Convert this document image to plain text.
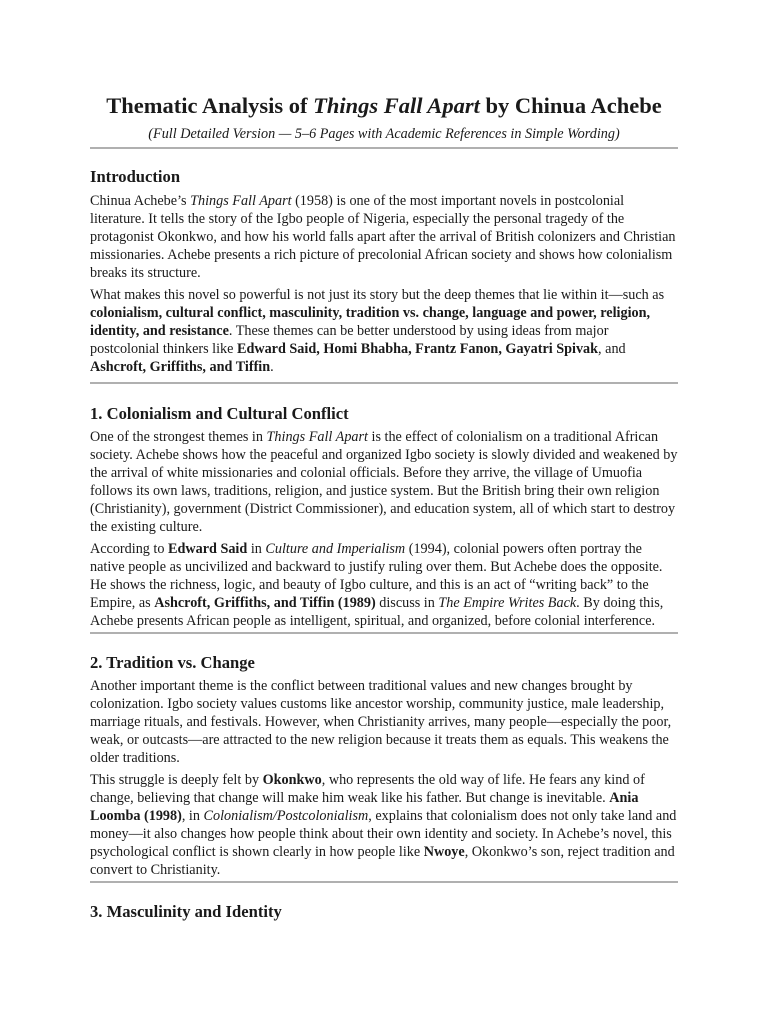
Thematic Analysis of Things Fall Apart by Chinua Achebe
(Full Detailed Version — 5–6 Pages with Academic References in Simple Wording)
Introduction

Chinua Achebe’s Things Fall Apart (1958) is one of the most important novels in postcolonial literature. It tells the story of the Igbo people of Nigeria, especially the personal tragedy of the protagonist Okonkwo, and how his world falls apart after the arrival of British colonizers and Christian missionaries. Achebe presents a rich picture of precolonial African society and shows how colonialism breaks its structure.

What makes this novel so powerful is not just its story but the deep themes that lie within it—such as colonialism, cultural conflict, masculinity, tradition vs. change, language and power, religion, identity, and resistance. These themes can be better understood by using ideas from major postcolonial thinkers like Edward Said, Homi Bhabha, Frantz Fanon, Gayatri Spivak, and Ashcroft, Griffiths, and Tiffin.

1. Colonialism and Cultural Conflict

One of the strongest themes in Things Fall Apart is the effect of colonialism on a traditional African society. Achebe shows how the peaceful and organized Igbo society is slowly divided and weakened by the arrival of white missionaries and colonial officials. Before they arrive, the village of Umuofia follows its own laws, traditions, religion, and justice system. But the British bring their own religion (Christianity), government (District Commissioner), and education system, all of which start to destroy the existing culture.

According to Edward Said in Culture and Imperialism (1994), colonial powers often portray the native people as uncivilized and backward to justify ruling over them. But Achebe does the opposite. He shows the richness, logic, and beauty of Igbo culture, and this is an act of “writing back” to the Empire, as Ashcroft, Griffiths, and Tiffin (1989) discuss in The Empire Writes Back. By doing this, Achebe presents African people as intelligent, spiritual, and organized, before colonial interference.

2. Tradition vs. Change

Another important theme is the conflict between traditional values and new changes brought by colonization. Igbo society values customs like ancestor worship, community justice, male leadership, marriage rituals, and festivals. However, when Christianity arrives, many people—especially the poor, weak, or outcasts—are attracted to the new religion because it treats them as equals. This weakens the older traditions.

This struggle is deeply felt by Okonkwo, who represents the old way of life. He fears any kind of change, believing that change will make him weak like his father. But change is inevitable. Ania Loomba (1998), in Colonialism/Postcolonialism, explains that colonialism does not only take land and money—it also changes how people think about their own identity and society. In Achebe’s novel, this psychological conflict is shown clearly in how people like Nwoye, Okonkwo’s son, reject tradition and convert to Christianity.

3. Masculinity and Identity
